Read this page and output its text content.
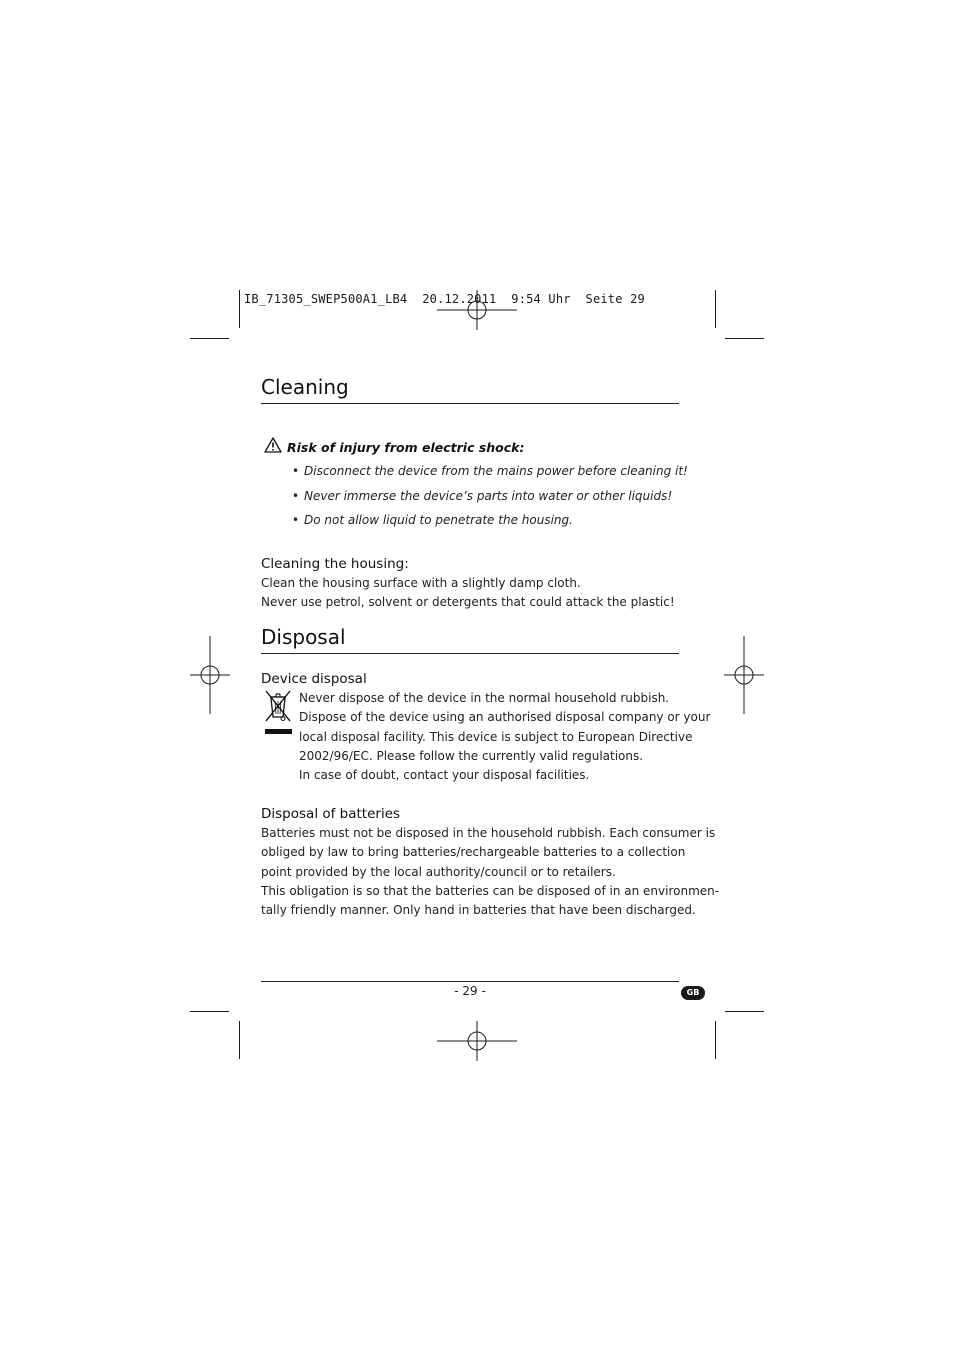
IB_71305_SWEP500A1_LB4  20.12.2011  9:54 Uhr  Seite 29
Cleaning
Risk of injury from electric shock:
• Disconnect the device from the mains power before cleaning it!
• Never immerse the device’s parts into water or other liquids!
• Do not allow liquid to penetrate the housing.
Cleaning the housing:
Clean the housing surface with a slightly damp cloth.
Never use petrol, solvent or detergents that could attack the plastic!
Disposal
Device disposal
Never dispose of the device in the normal household rubbish.
Dispose of the device using an authorised disposal company or your
local disposal facility. This device is subject to European Directive
2002/96/EC. Please follow the currently valid regulations.
In case of doubt, contact your disposal facilities.
Disposal of batteries
Batteries must not be disposed in the household rubbish. Each consumer is
obliged by law to bring batteries/rechargeable batteries to a collection
point provided by the local authority/council or to retailers.
This obligation is so that the batteries can be disposed of in an environmen-
tally friendly manner. Only hand in batteries that have been discharged.
- 29 -	GB
